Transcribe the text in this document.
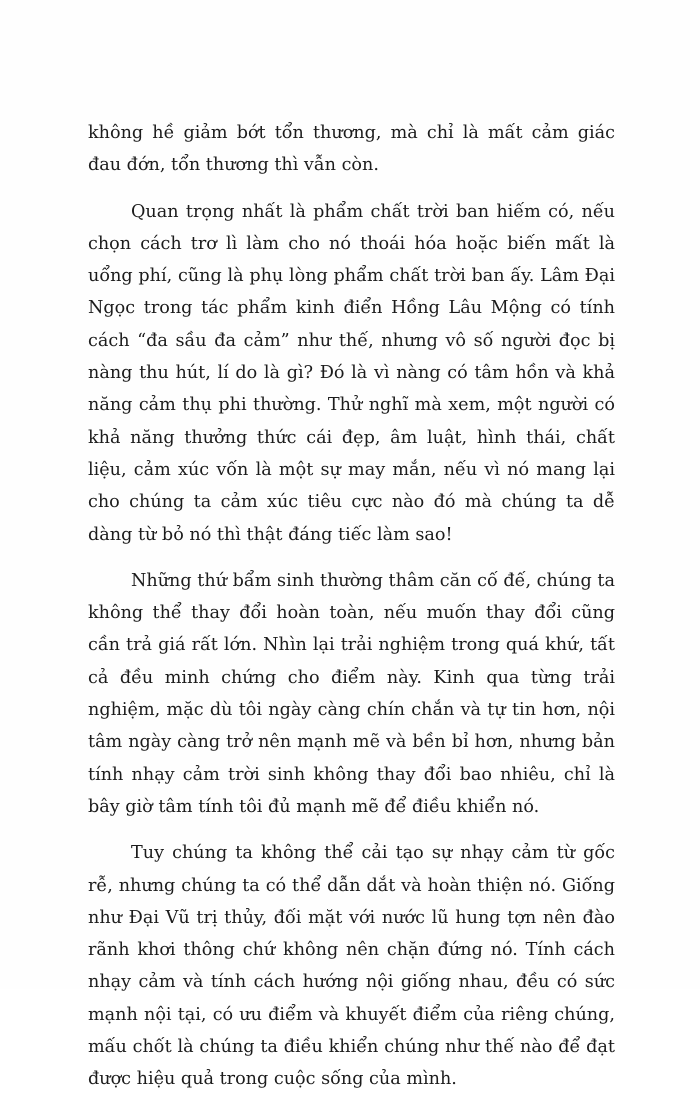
không hề giảm bớt tổn thương, mà chỉ là mất cảm giác đau đớn, tổn thương thì vẫn còn.

Quan trọng nhất là phẩm chất trời ban hiếm có, nếu chọn cách trơ lì làm cho nó thoái hóa hoặc biến mất là uổng phí, cũng là phụ lòng phẩm chất trời ban ấy. Lâm Đại Ngọc trong tác phẩm kinh điển Hồng Lâu Mộng có tính cách “đa sầu đa cảm” như thế, nhưng vô số người đọc bị nàng thu hút, lí do là gì? Đó là vì nàng có tâm hồn và khả năng cảm thụ phi thường. Thử nghĩ mà xem, một người có khả năng thưởng thức cái đẹp, âm luật, hình thái, chất liệu, cảm xúc vốn là một sự may mắn, nếu vì nó mang lại cho chúng ta cảm xúc tiêu cực nào đó mà chúng ta dễ dàng từ bỏ nó thì thật đáng tiếc làm sao!

Những thứ bẩm sinh thường thâm căn cố đế, chúng ta không thể thay đổi hoàn toàn, nếu muốn thay đổi cũng cần trả giá rất lớn. Nhìn lại trải nghiệm trong quá khứ, tất cả đều minh chứng cho điểm này. Kinh qua từng trải nghiệm, mặc dù tôi ngày càng chín chắn và tự tin hơn, nội tâm ngày càng trở nên mạnh mẽ và bền bỉ hơn, nhưng bản tính nhạy cảm trời sinh không thay đổi bao nhiêu, chỉ là bây giờ tâm tính tôi đủ mạnh mẽ để điều khiển nó.

Tuy chúng ta không thể cải tạo sự nhạy cảm từ gốc rễ, nhưng chúng ta có thể dẫn dắt và hoàn thiện nó. Giống như Đại Vũ trị thủy, đối mặt với nước lũ hung tợn nên đào rãnh khơi thông chứ không nên chặn đứng nó. Tính cách nhạy cảm và tính cách hướng nội giống nhau, đều có sức mạnh nội tại, có ưu điểm và khuyết điểm của riêng chúng, mấu chốt là chúng ta điều khiển chúng như thế nào để đạt được hiệu quả trong cuộc sống của mình.
